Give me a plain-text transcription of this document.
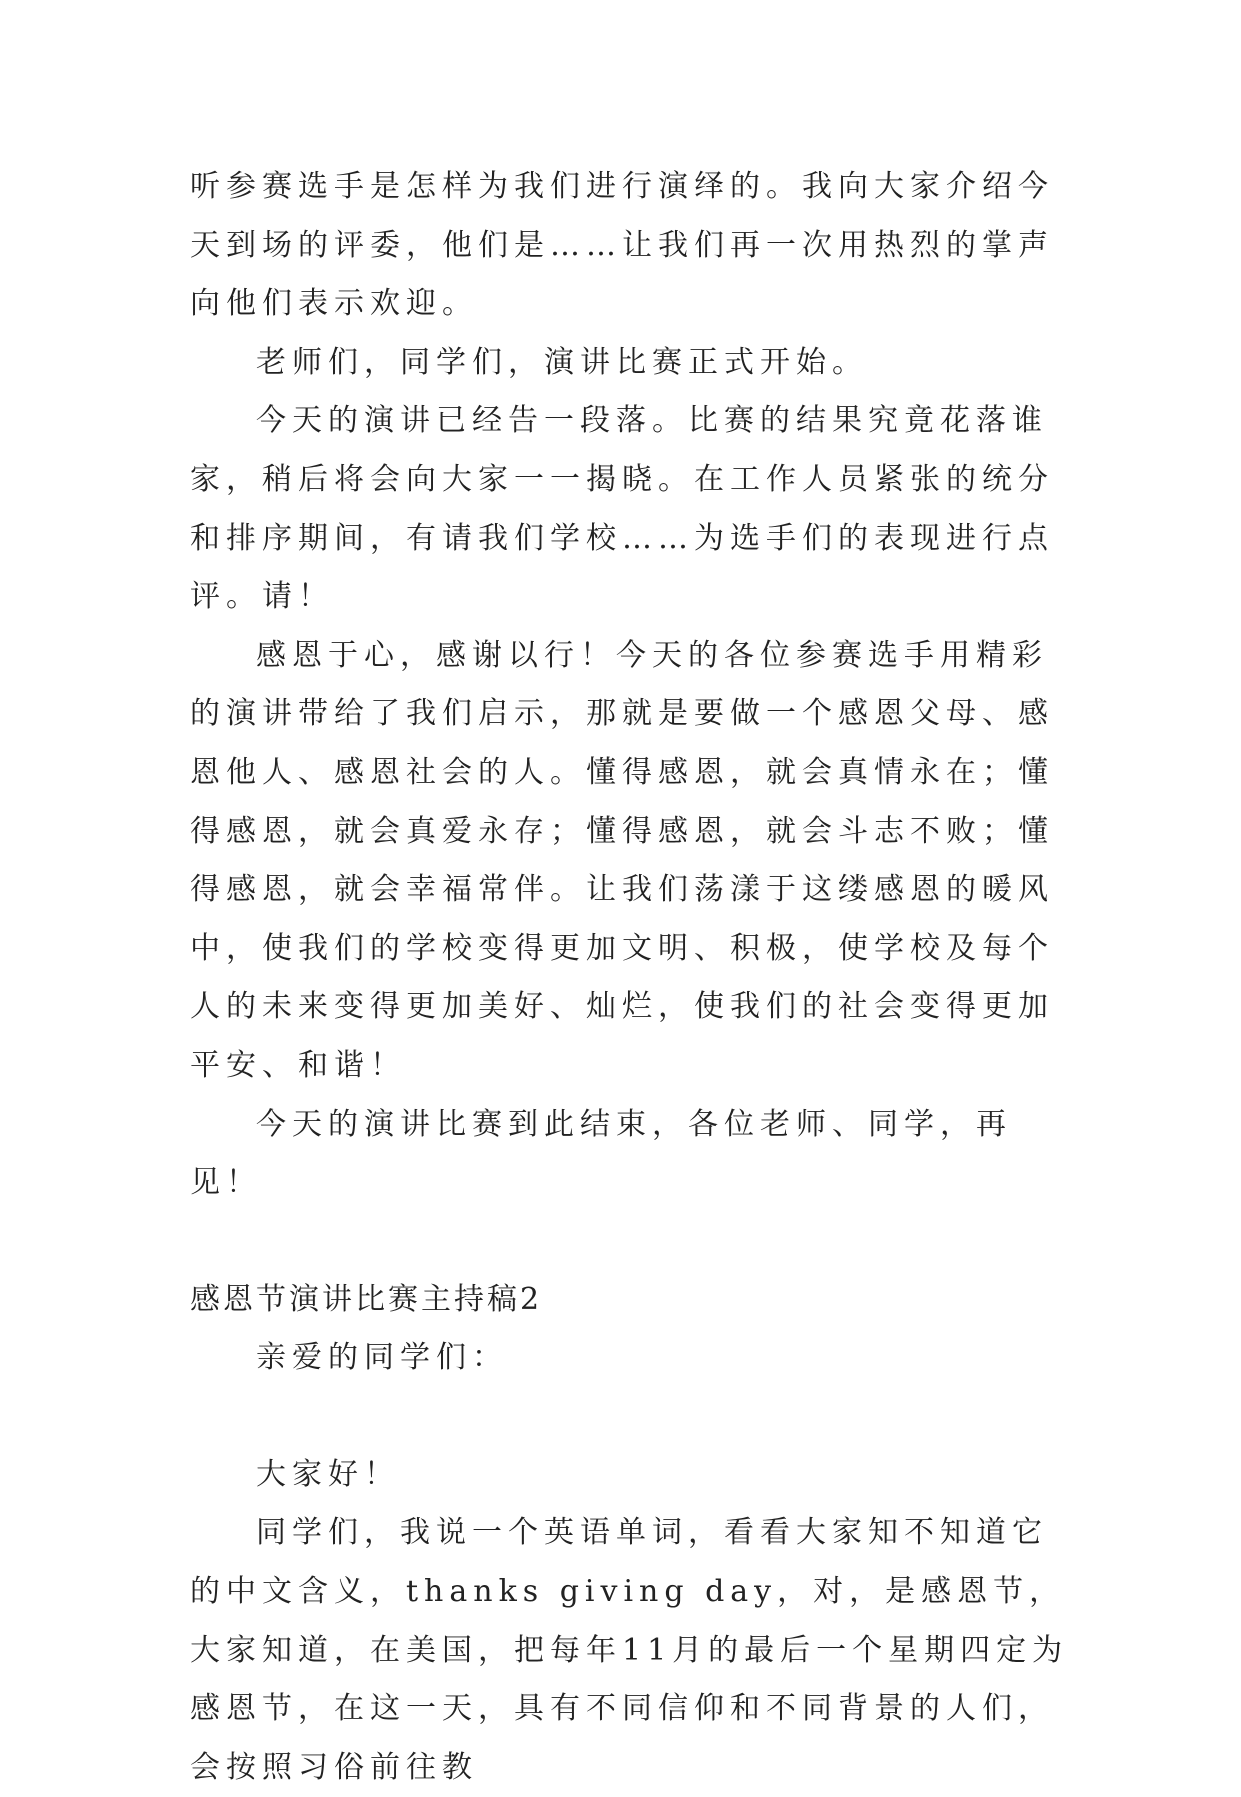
听参赛选手是怎样为我们进行演绎的。我向大家介绍今天到场的评委，他们是……让我们再一次用热烈的掌声向他们表示欢迎。

老师们，同学们，演讲比赛正式开始。

今天的演讲已经告一段落。比赛的结果究竟花落谁家，稍后将会向大家一一揭晓。在工作人员紧张的统分和排序期间，有请我们学校……为选手们的表现进行点评。请！

感恩于心，感谢以行！今天的各位参赛选手用精彩的演讲带给了我们启示，那就是要做一个感恩父母、感恩他人、感恩社会的人。懂得感恩，就会真情永在；懂得感恩，就会真爱永存；懂得感恩，就会斗志不败；懂得感恩，就会幸福常伴。让我们荡漾于这缕感恩的暖风中，使我们的学校变得更加文明、积极，使学校及每个人的未来变得更加美好、灿烂，使我们的社会变得更加平安、和谐！

今天的演讲比赛到此结束，各位老师、同学，再见！

感恩节演讲比赛主持稿2

亲爱的同学们：

大家好！

同学们，我说一个英语单词，看看大家知不知道它的中文含义，thanks giving day，对，是感恩节，大家知道，在美国，把每年11月的最后一个星期四定为感恩节，在这一天，具有不同信仰和不同背景的人们，会按照习俗前往教
